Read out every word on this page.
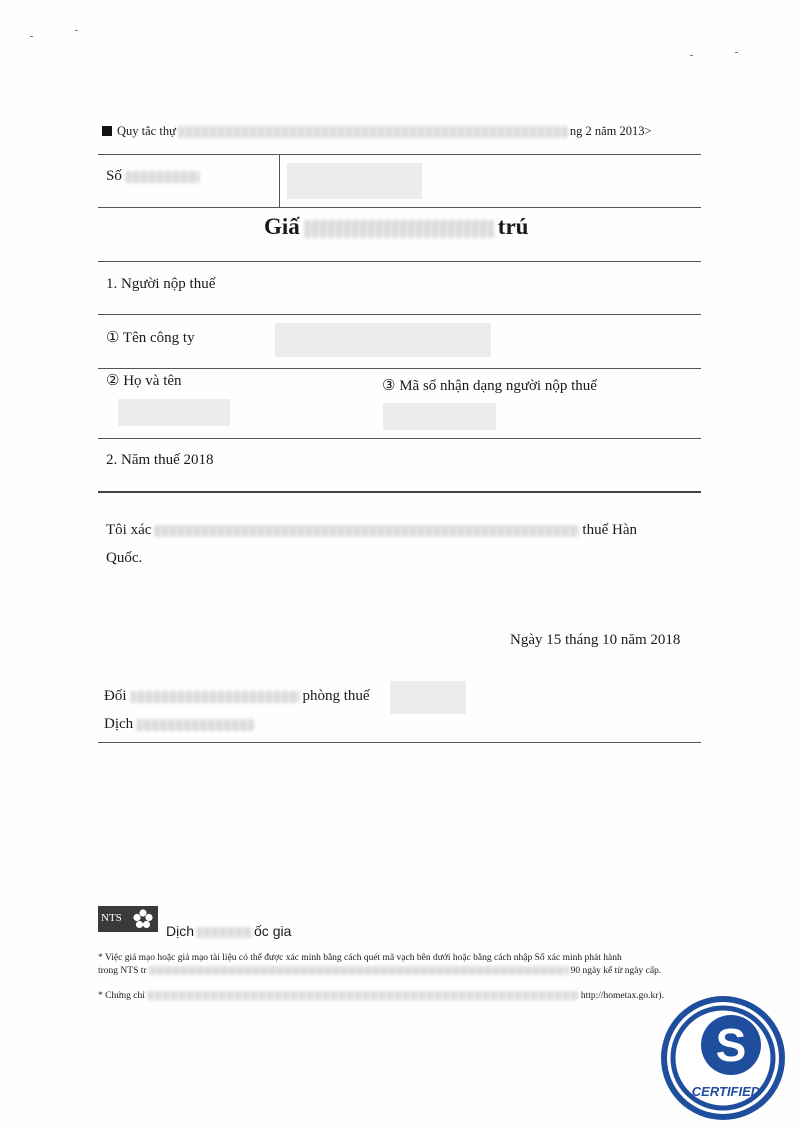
Quy tắc thự	ng 2 năm 2013>
Số
Giấ	trú
1. Người nộp thuế
① Tên công ty
② Họ và tên	③ Mã số nhận dạng người nộp thuế
2. Năm thuế 2018
Tôi xác	thuế Hàn
Quốc.
Ngày 15 tháng 10 năm 2018
Đối	phòng thuế
Dịch
NTS
Dịch	ốc gia
* Việc giả mạo hoặc giả mạo tài liệu có thể được xác minh bằng cách quét mã vạch bên dưới hoặc bằng cách nhập Số xác minh phát hành
trong NTS tr	90 ngày kể từ ngày cấp.
* Chứng chỉ	http://hometax.go.kr).
S
CERTIFIED
